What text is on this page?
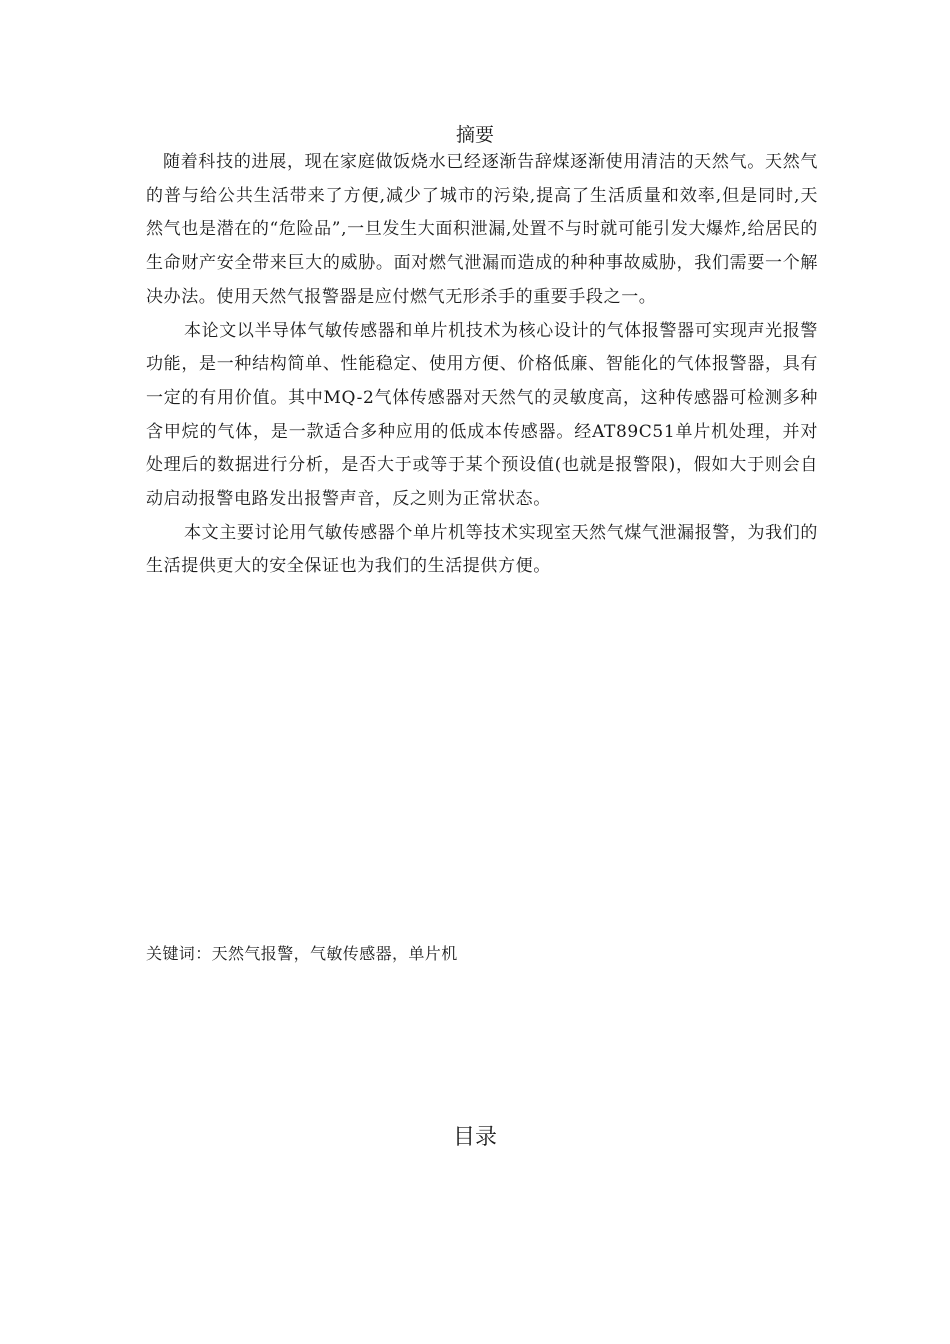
摘要

随着科技的进展，现在家庭做饭烧水已经逐渐告辞煤逐渐使用清洁的天然气。天然气的普与给公共生活带来了方便,减少了城市的污染,提高了生活质量和效率,但是同时,天然气也是潜在的“危险品”,一旦发生大面积泄漏,处置不与时就可能引发大爆炸,给居民的生命财产安全带来巨大的威胁。面对燃气泄漏而造成的种种事故威胁，我们需要一个解决办法。使用天然气报警器是应付燃气无形杀手的重要手段之一。

本论文以半导体气敏传感器和单片机技术为核心设计的气体报警器可实现声光报警功能，是一种结构简单、性能稳定、使用方便、价格低廉、智能化的气体报警器，具有一定的有用价值。其中MQ-2气体传感器对天然气的灵敏度高，这种传感器可检测多种含甲烷的气体，是一款适合多种应用的低成本传感器。经AT89C51单片机处理，并对处理后的数据进行分析，是否大于或等于某个预设值(也就是报警限)，假如大于则会自动启动报警电路发出报警声音，反之则为正常状态。

本文主要讨论用气敏传感器个单片机等技术实现室天然气煤气泄漏报警，为我们的生活提供更大的安全保证也为我们的生活提供方便。

关键词：天然气报警，气敏传感器，单片机
目录
